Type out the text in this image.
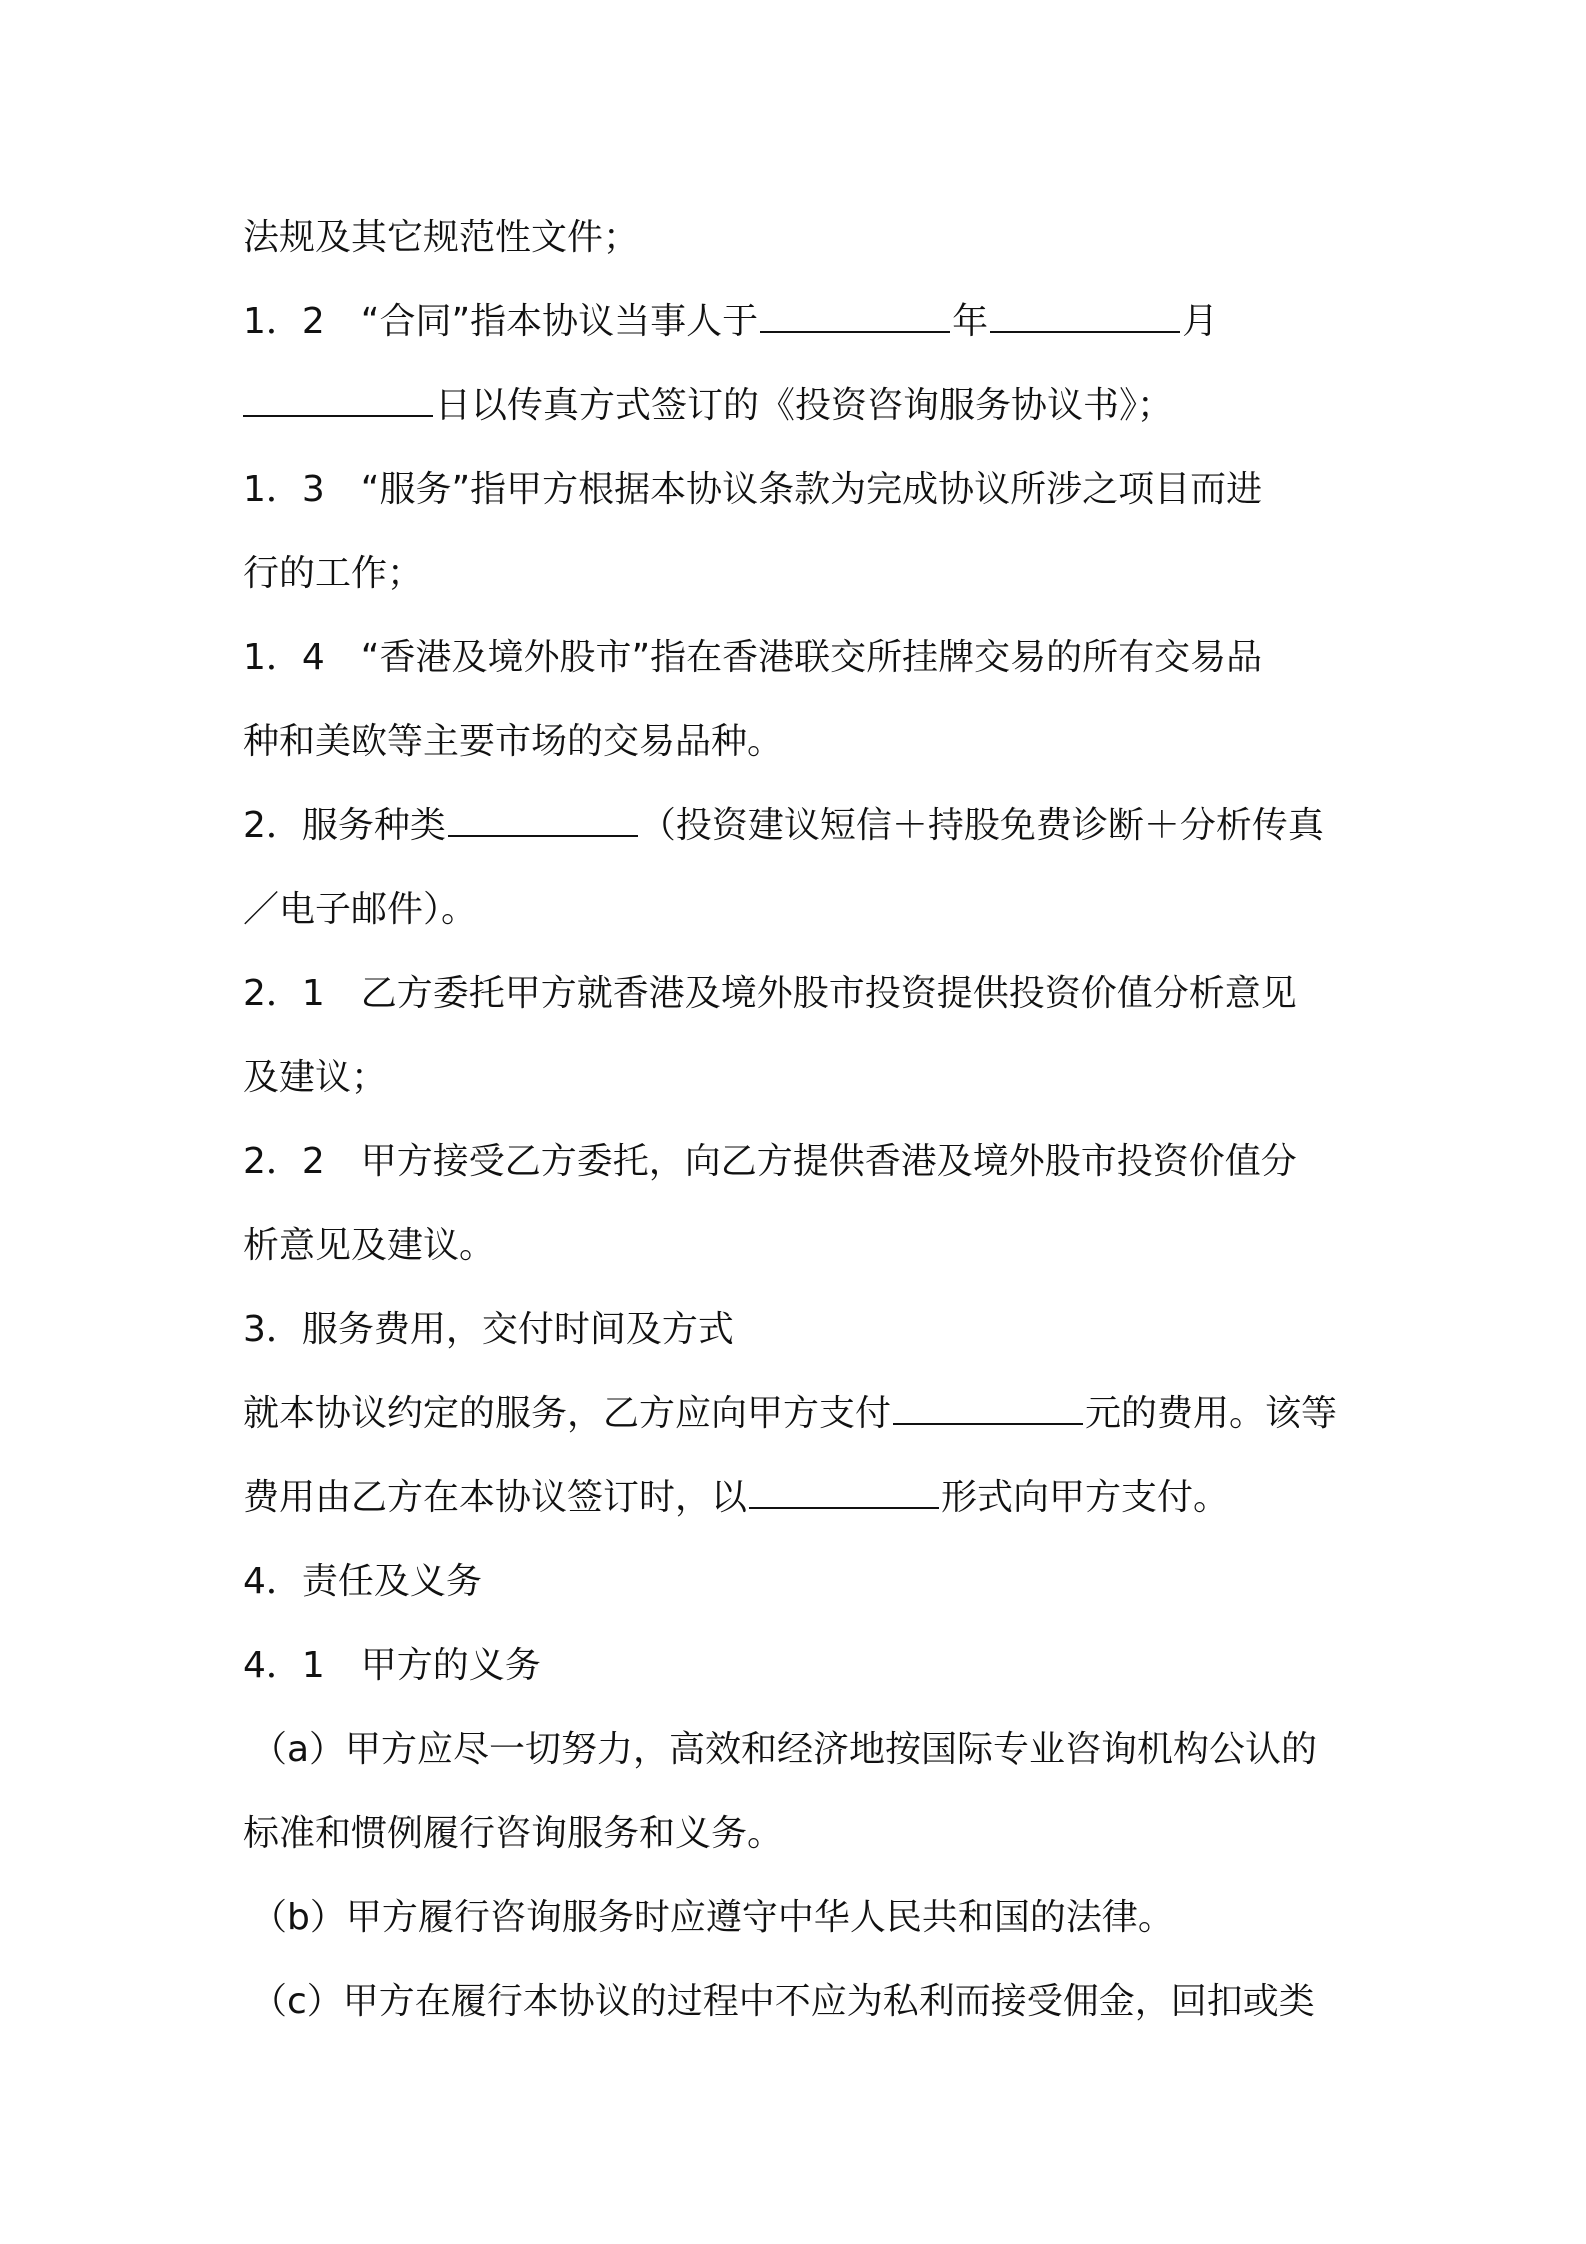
法规及其它规范性文件；
1．2　“合同”指本协议当事人于	年	月
日以传真方式签订的《投资咨询服务协议书》；
1．3　“服务”指甲方根据本协议条款为完成协议所涉之项目而进
行的工作；
1．4　“香港及境外股市”指在香港联交所挂牌交易的所有交易品
种和美欧等主要市场的交易品种。
2．服务种类	（投资建议短信＋持股免费诊断＋分析传真
／电子邮件）。
2．1　乙方委托甲方就香港及境外股市投资提供投资价值分析意见
及建议；
2．2　甲方接受乙方委托，向乙方提供香港及境外股市投资价值分
析意见及建议。
3．服务费用，交付时间及方式
就本协议约定的服务，乙方应向甲方支付	元的费用。该等
费用由乙方在本协议签订时，以	形式向甲方支付。
4．责任及义务
4．1　甲方的义务
（a）甲方应尽一切努力，高效和经济地按国际专业咨询机构公认的
标准和惯例履行咨询服务和义务。
（b）甲方履行咨询服务时应遵守中华人民共和国的法律。
（c）甲方在履行本协议的过程中不应为私利而接受佣金，回扣或类
